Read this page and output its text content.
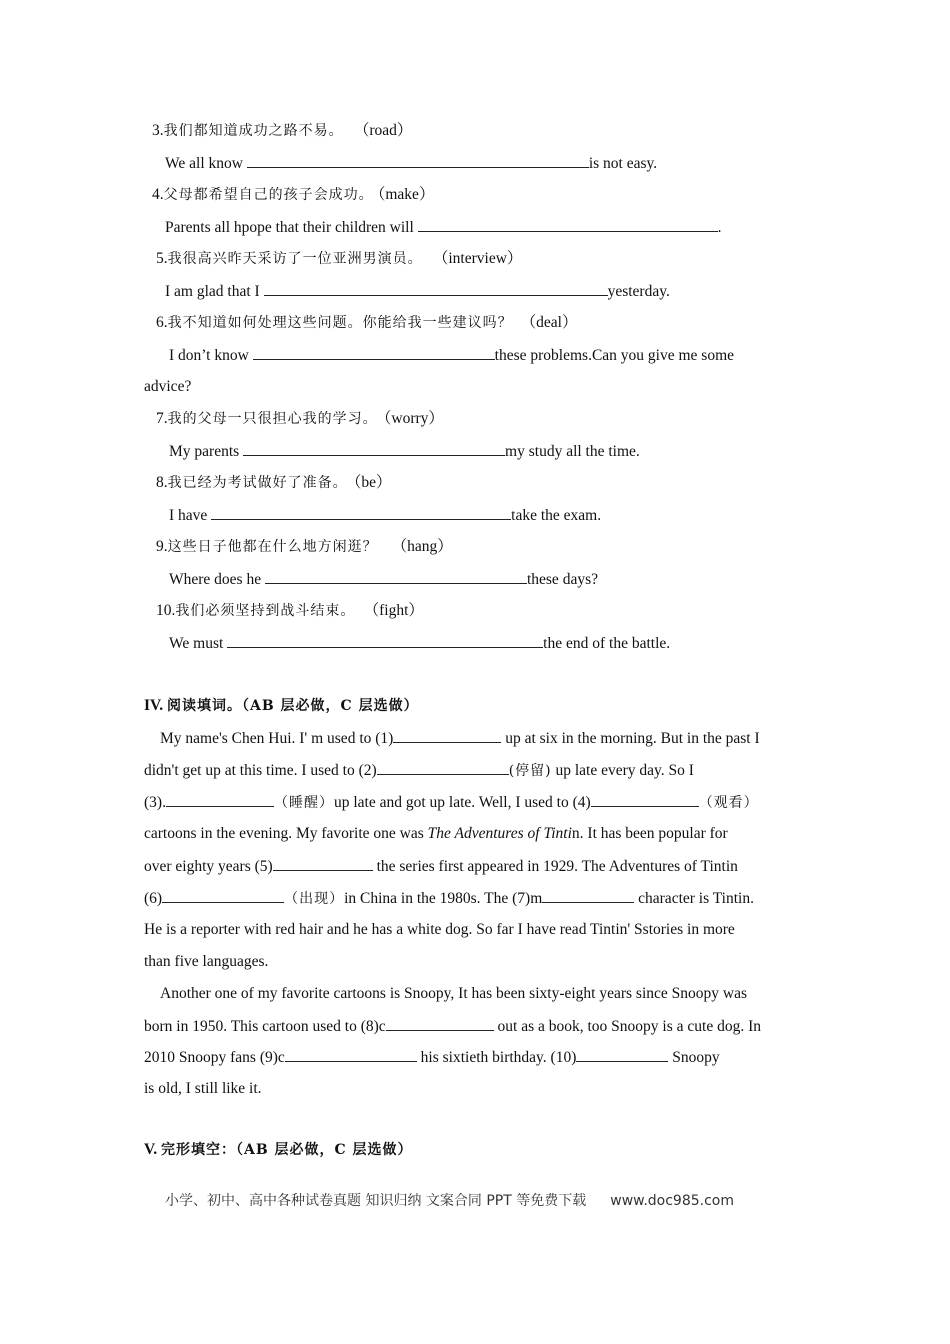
3.我们都知道成功之路不易。 （road）
We all know	is not easy.
4.父母都希望自己的孩子会成功。 （make）
Parents all hpope that their children will	.
5.我很高兴昨天采访了一位亚洲男演员。 （interview）
I am glad that I	yesterday.
6.我不知道如何处理这些问题。你能给我一些建议吗？ （deal）
I don’t know	these problems.Can you give me some
advice?
7.我的父母一只很担心我的学习。 （worry）
My parents	my study all the time.
8.我已经为考试做好了准备。 （be）
I have	take the exam.
9.这些日子他都在什么地方闲逛？ （hang）
Where does he	these days?
10.我们必须坚持到战斗结束。 （fight）
We must	the end of the battle.
IV. 阅读填词。（AB 层必做，C 层选做）
My name's Chen Hui. I' m used to (1)	up at six in the morning. But in the past I
didn't get up at this time. I used to (2)	(停留) up late every day. So I
(3).	（睡醒）up late and got up late. Well, I used to (4)	（观看）
cartoons in the evening. My favorite one was The Adventures of Tintin. It has been popular for
over eighty years (5)	the series first appeared in 1929. The Adventures of Tintin
(6)	（出现）in China in the 1980s. The (7)m	character is Tintin.
He is a reporter with red hair and he has a white dog. So far I have read Tintin' Sstories in more
than five languages.
Another one of my favorite cartoons is Snoopy, It has been sixty-eight years since Snoopy was
born in 1950. This cartoon used to (8)c	out as a book, too Snoopy is a cute dog. In
2010 Snoopy fans (9)c	his sixtieth birthday. (10)	Snoopy
is old, I still like it.
V. 完形填空：（AB 层必做，C 层选做）
小学、初中、高中各种试卷真题 知识归纳 文案合同 PPT 等免费下载 www.doc985.com
